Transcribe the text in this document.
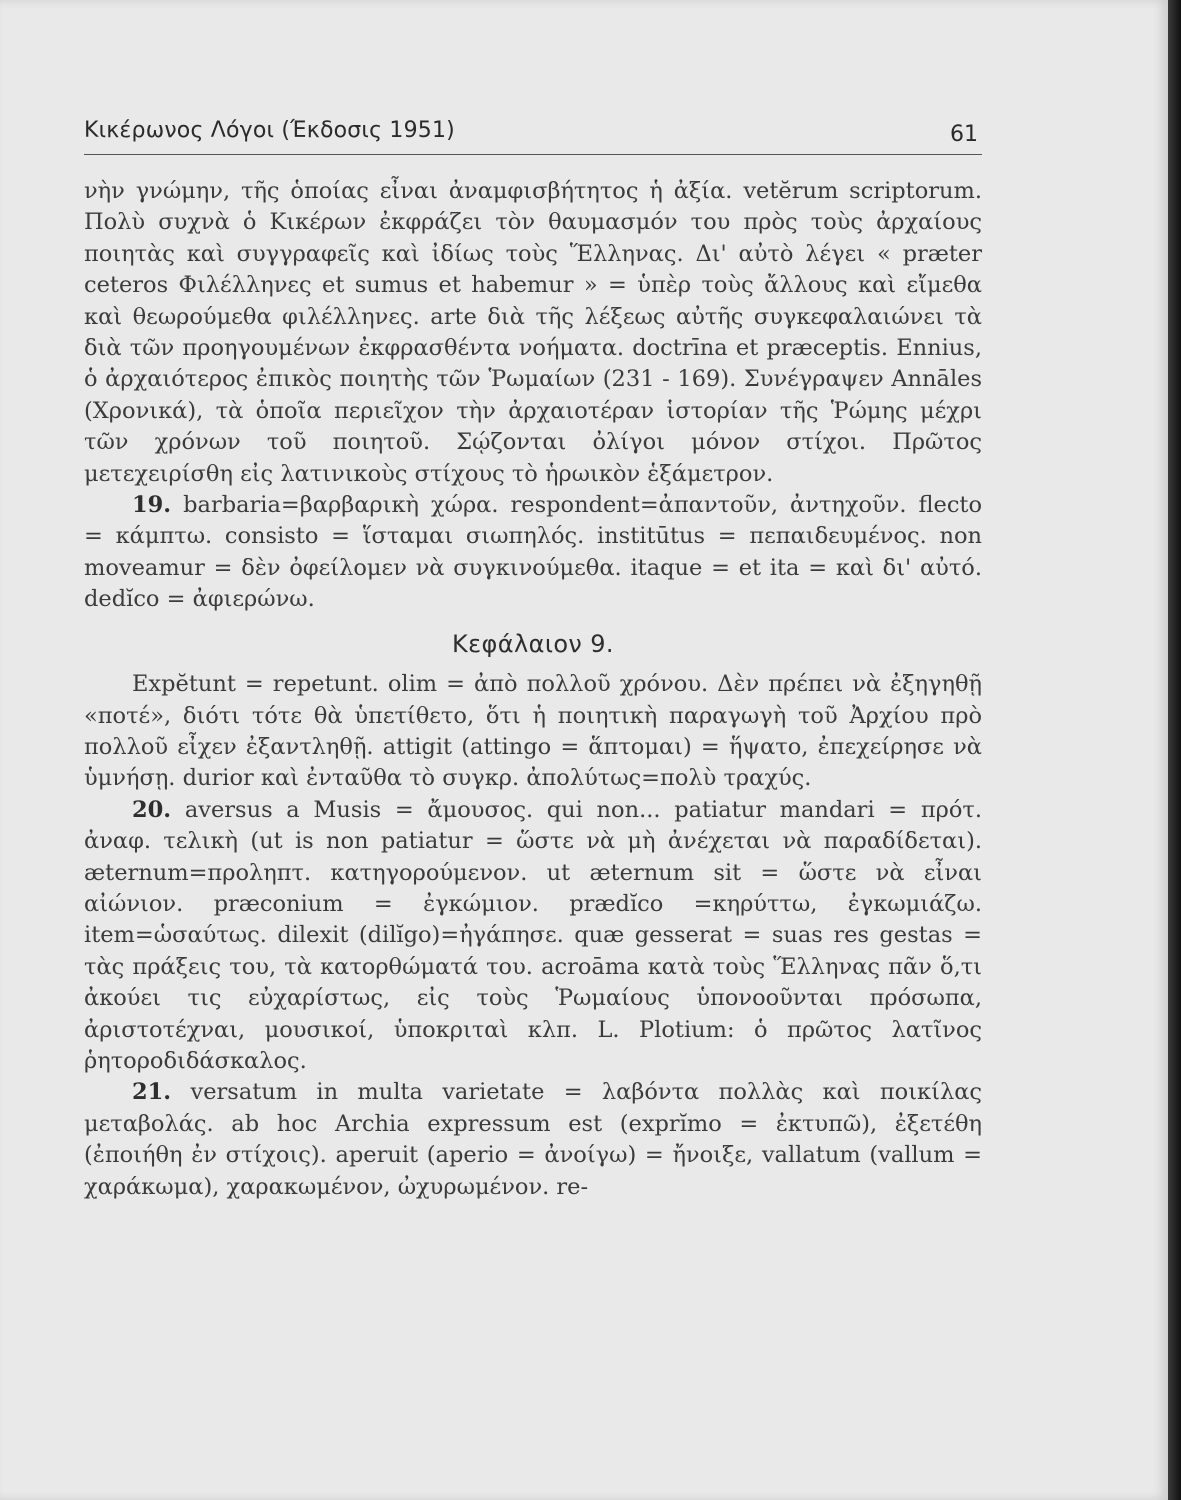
Κικέρωνος Λόγοι (Έκδοσις 1951)	61

νὴν γνώμην, τῆς ὁποίας εἶναι ἀναμφισβήτητος ἡ ἀξία. vetĕrum scriptorum. Πολὺ συχνὰ ὁ Κικέρων ἐκφράζει τὸν θαυμασμόν του πρὸς τοὺς ἀρχαίους ποιητὰς καὶ συγγραφεῖς καὶ ἰδίως τοὺς Ἕλληνας. Δι' αὐτὸ λέγει « præter ceteros Φιλέλληνες et sumus et habemur » = ὑπὲρ τοὺς ἄλλους καὶ εἴμεθα καὶ θεωρούμεθα φιλέλληνες. arte διὰ τῆς λέξεως αὐτῆς συγκεφαλαιώνει τὰ διὰ τῶν προηγουμένων ἐκφρασθέντα νοήματα. doctrīna et præceptis. Ennius, ὁ ἀρχαιότερος ἐπικὸς ποιητὴς τῶν Ῥωμαίων (231 - 169). Συνέγραψεν Annāles (Χρονικά), τὰ ὁποῖα περιεῖχον τὴν ἀρχαιοτέραν ἱστορίαν τῆς Ῥώμης μέχρι τῶν χρόνων τοῦ ποιητοῦ. Σῴζονται ὀλίγοι μόνον στίχοι. Πρῶτος μετεχειρίσθη εἰς λατινικοὺς στίχους τὸ ἡρωικὸν ἑξάμετρον.

19. barbaria=βαρβαρικὴ χώρα. respondent=ἀπαντοῦν, ἀντηχοῦν. flecto = κάμπτω. consisto = ἵσταμαι σιωπηλός. institūtus = πεπαιδευμένος. non moveamur = δὲν ὀφείλομεν νὰ συγκινούμεθα. itaque = et ita = καὶ δι' αὐτό. dedĭco = ἀφιερώνω.

Κεφάλαιον 9.

Expĕtunt = repetunt. olim = ἀπὸ πολλοῦ χρόνου. Δὲν πρέπει νὰ ἐξηγηθῇ «ποτέ», διότι τότε θὰ ὑπετίθετο, ὅτι ἡ ποιητικὴ παραγωγὴ τοῦ Ἀρχίου πρὸ πολλοῦ εἶχεν ἐξαντληθῇ. attigit (attingo = ἅπτομαι) = ἥψατο, ἐπεχείρησε νὰ ὑμνήσῃ. durior καὶ ἐνταῦθα τὸ συγκρ. ἀπολύτως=πολὺ τραχύς.

20. aversus a Musis = ἄμουσος. qui non... patiatur mandari = πρότ. ἀναφ. τελικὴ (ut is non patiatur = ὥστε νὰ μὴ ἀνέχεται νὰ παραδίδεται). æternum=προληπτ. κατηγορούμενον. ut æternum sit = ὥστε νὰ εἶναι αἰώνιον. præconium = ἐγκώμιον. prædĭco =κηρύττω, ἐγκωμιάζω. item=ὡσαύτως. dilexit (dilĭgo)=ἠγάπησε. quæ gesserat = suas res gestas = τὰς πράξεις του, τὰ κατορθώματά του. acroāma κατὰ τοὺς Ἕλληνας πᾶν ὅ,τι ἀκούει τις εὐχαρίστως, εἰς τοὺς Ῥωμαίους ὑπονοοῦνται πρόσωπα, ἀριστοτέχναι, μουσικοί, ὑποκριταὶ κλπ. L. Plotium: ὁ πρῶτος λατῖνος ῥητοροδιδάσκαλος.

21. versatum in multa varietate = λαβόντα πολλὰς καὶ ποικίλας μεταβολάς. ab hoc Archia expressum est (exprĭmo = ἐκτυπῶ), ἐξετέθη (ἐποιήθη ἐν στίχοις). aperuit (aperio = ἀνοίγω) = ἤνοιξε, vallatum (vallum = χαράκωμα), χαρακωμένον, ὠχυρωμένον. re-
